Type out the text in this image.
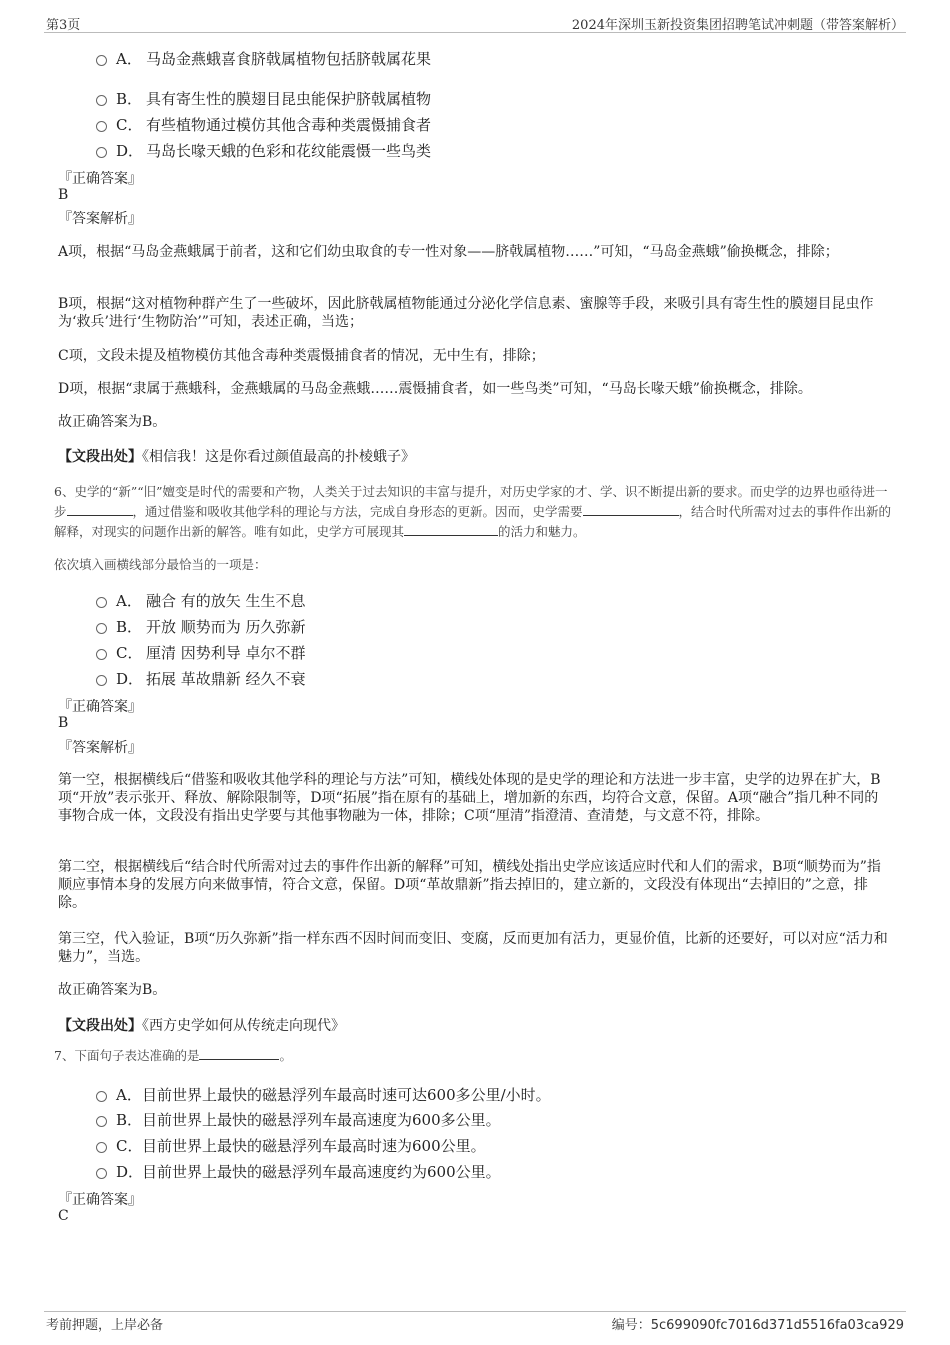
第3页	2024年深圳玉新投资集团招聘笔试冲刺题（带答案解析）
A． 马岛金燕蛾喜食脐戟属植物包括脐戟属花果
B． 具有寄生性的膜翅目昆虫能保护脐戟属植物
C． 有些植物通过模仿其他含毒种类震慑捕食者
D． 马岛长喙天蛾的色彩和花纹能震慑一些鸟类
『正确答案』
B
『答案解析』
A项，根据“马岛金燕蛾属于前者，这和它们幼虫取食的专一性对象——脐戟属植物……”可知，“马岛金燕蛾”偷换概念，排除；
B项，根据“这对植物种群产生了一些破坏，因此脐戟属植物能通过分泌化学信息素、蜜腺等手段，来吸引具有寄生性的膜翅目昆虫作为‘救兵’进行‘生物防治’”可知，表述正确，当选；
C项，文段未提及植物模仿其他含毒种类震慑捕食者的情况，无中生有，排除；
D项，根据“隶属于燕蛾科，金燕蛾属的马岛金燕蛾……震慑捕食者，如一些鸟类”可知，“马岛长喙天蛾”偷换概念，排除。
故正确答案为B。
【文段出处】《相信我！这是你看过颜值最高的扑棱蛾子》
6、史学的“新”“旧”嬗变是时代的需要和产物，人类关于过去知识的丰富与提升，对历史学家的才、学、识不断提出新的要求。而史学的边界也亟待进一步	，通过借鉴和吸收其他学科的理论与方法，完成自身形态的更新。因而，史学需要	，结合时代所需对过去的事件作出新的解释，对现实的问题作出新的解答。唯有如此，史学方可展现其	的活力和魅力。
依次填入画横线部分最恰当的一项是：
A． 融合 有的放矢 生生不息
B． 开放 顺势而为 历久弥新
C． 厘清 因势利导 卓尔不群
D． 拓展 革故鼎新 经久不衰
『正确答案』
B
『答案解析』
第一空，根据横线后“借鉴和吸收其他学科的理论与方法”可知，横线处体现的是史学的理论和方法进一步丰富，史学的边界在扩大，B项“开放”表示张开、释放、解除限制等，D项“拓展”指在原有的基础上，增加新的东西，均符合文意，保留。A项“融合”指几种不同的事物合成一体，文段没有指出史学要与其他事物融为一体，排除；C项“厘清”指澄清、查清楚，与文意不符，排除。
第二空，根据横线后“结合时代所需对过去的事件作出新的解释”可知，横线处指出史学应该适应时代和人们的需求，B项“顺势而为”指顺应事情本身的发展方向来做事情，符合文意，保留。D项“革故鼎新”指去掉旧的，建立新的，文段没有体现出“去掉旧的”之意，排除。
第三空，代入验证，B项“历久弥新”指一样东西不因时间而变旧、变腐，反而更加有活力，更显价值，比新的还要好，可以对应“活力和魅力”，当选。
故正确答案为B。
【文段出处】《西方史学如何从传统走向现代》
7、下面句子表达准确的是	。
A． 目前世界上最快的磁悬浮列车最高时速可达600多公里/小时。
B． 目前世界上最快的磁悬浮列车最高速度为600多公里。
C． 目前世界上最快的磁悬浮列车最高时速为600公里。
D．
目前世界上最快的磁悬浮列车最高速度约为600公里。
『正确答案』
C
考前押题，上岸必备	编号：5c699090fc7016d371d5516fa03ca929
